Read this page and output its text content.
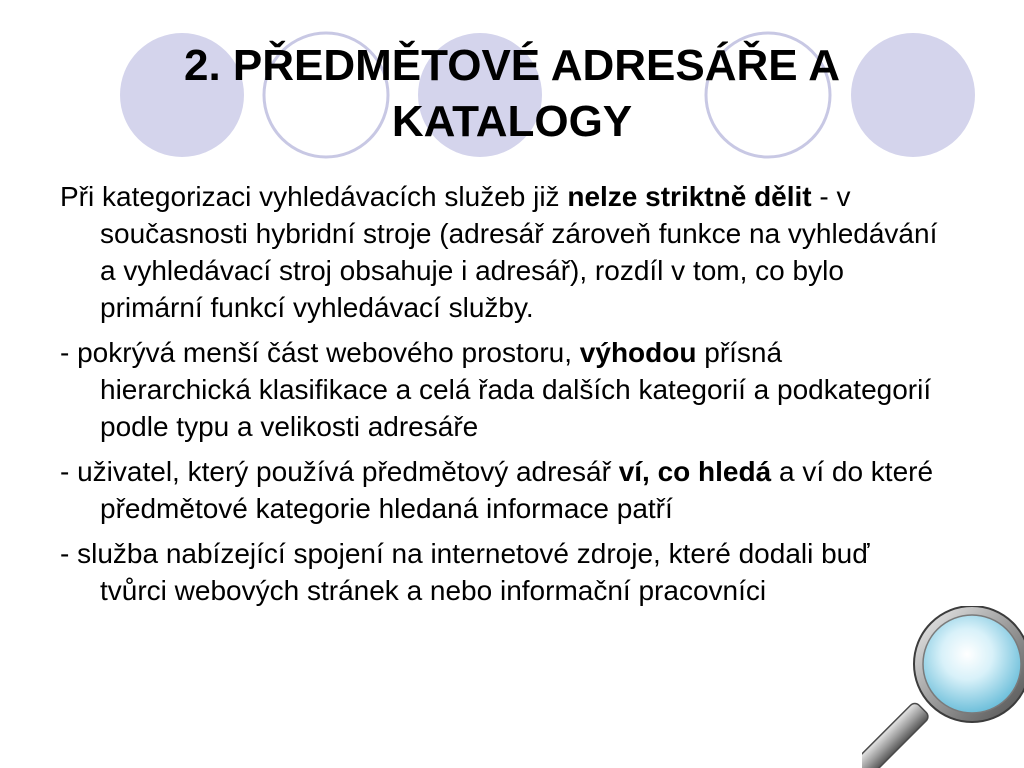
2. PŘEDMĚTOVÉ ADRESÁŘE A
KATALOGY

Při kategorizaci vyhledávacích služeb již nelze striktně dělit - v současnosti hybridní stroje (adresář zároveň funkce na vyhledávání a vyhledávací stroj obsahuje i adresář), rozdíl v tom, co bylo primární funkcí vyhledávací služby.

- pokrývá menší část webového prostoru, výhodou přísná hierarchická klasifikace a celá řada dalších kategorií a podkategorií podle typu a velikosti adresáře

- uživatel, který používá předmětový adresář ví, co hledá a ví do které předmětové kategorie hledaná informace patří

- služba nabízející spojení na internetové zdroje, které dodali buď tvůrci webových stránek a nebo informační pracovníci
